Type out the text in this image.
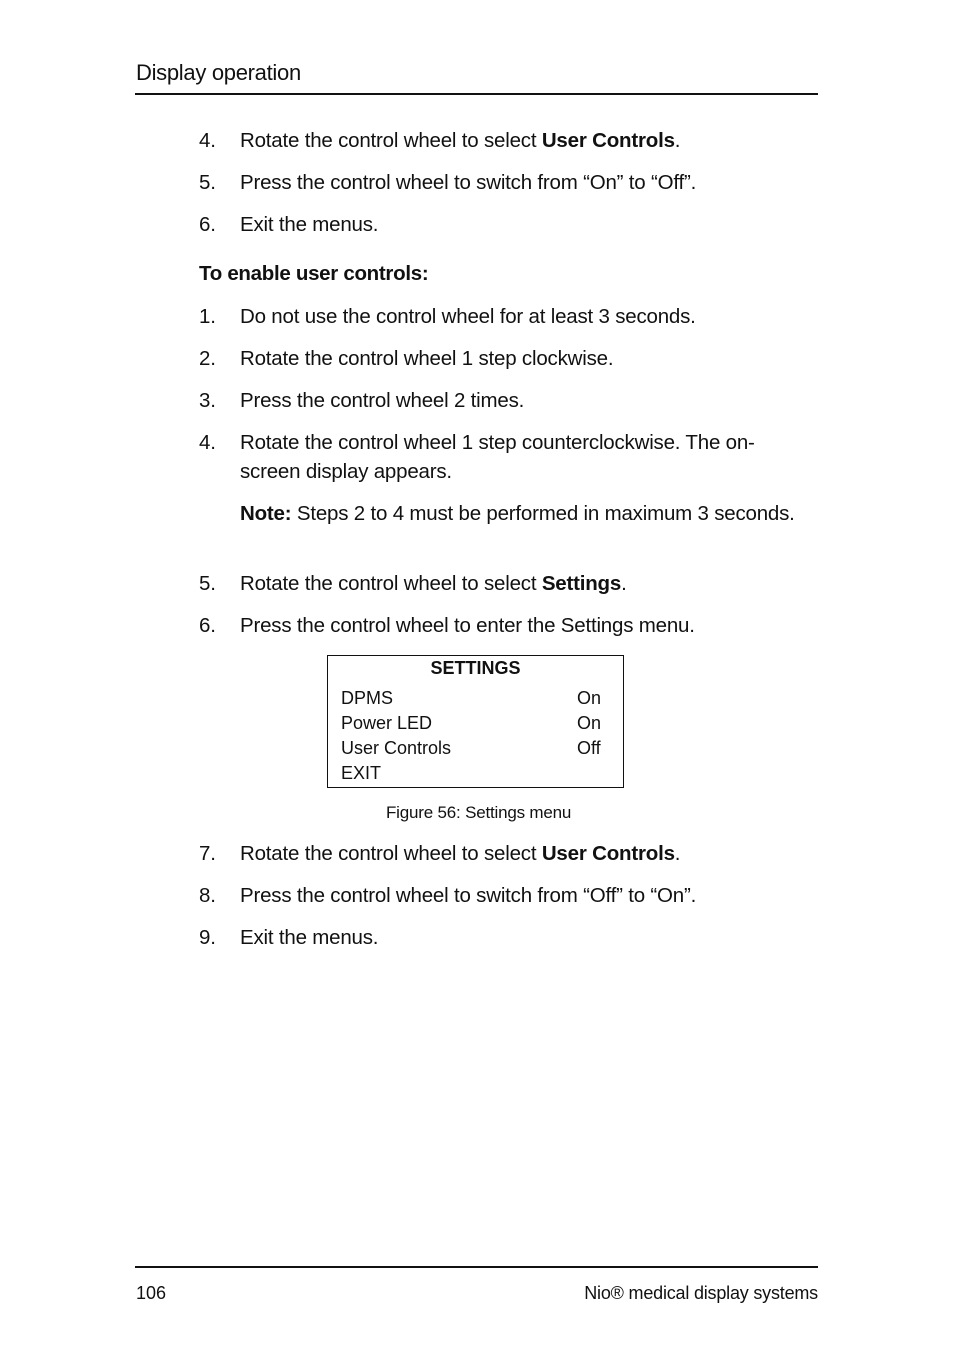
Display operation
4. Rotate the control wheel to select User Controls.
5. Press the control wheel to switch from “On” to “Off”.
6. Exit the menus.
To enable user controls:
1. Do not use the control wheel for at least 3 seconds.
2. Rotate the control wheel 1 step clockwise.
3. Press the control wheel 2 times.
4. Rotate the control wheel 1 step counterclockwise. The on-screen display appears.
Note: Steps 2 to 4 must be performed in maximum 3 seconds.
5. Rotate the control wheel to select Settings.
6. Press the control wheel to enter the Settings menu.
SETTINGS
DPMS	On
Power LED	On
User Controls	Off
EXIT
Figure 56: Settings menu
7. Rotate the control wheel to select User Controls.
8. Press the control wheel to switch from “Off” to “On”.
9. Exit the menus.
106	Nio® medical display systems
